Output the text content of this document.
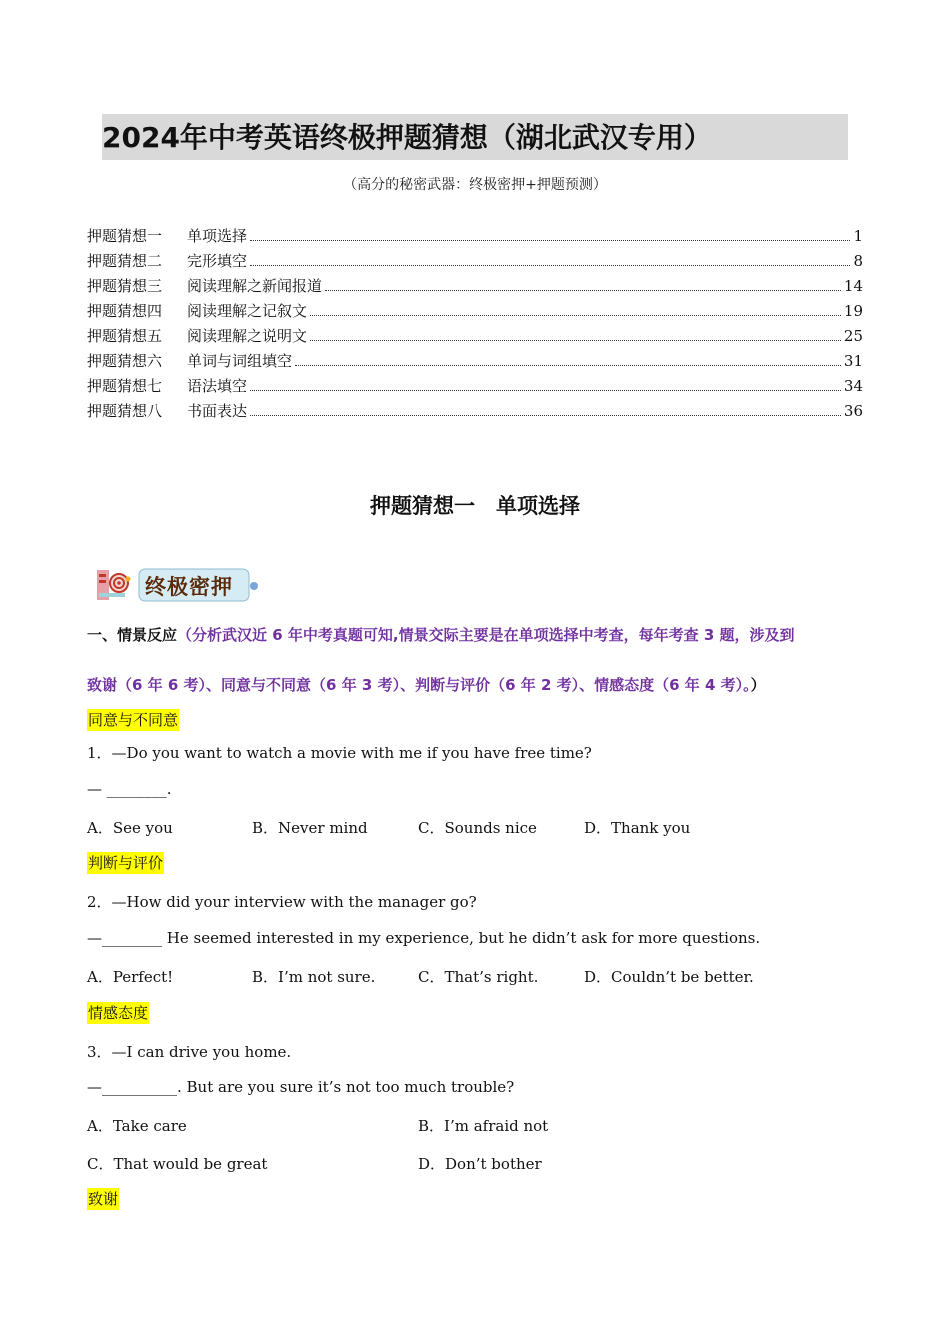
2024年中考英语终极押题猜想（湖北武汉专用）
（高分的秘密武器：终极密押+押题预测）
押题猜想一	单项选择	1
押题猜想二	完形填空	8
押题猜想三	阅读理解之新闻报道	14
押题猜想四	阅读理解之记叙文	19
押题猜想五	阅读理解之说明文	25
押题猜想六	单词与词组填空	31
押题猜想七	语法填空	34
押题猜想八	书面表达	36
押题猜想一　单项选择
终极密押
一、情景反应（分析武汉近 6 年中考真题可知,情景交际主要是在单项选择中考查，每年考查 3 题，涉及到
致谢（6 年 6 考）、同意与不同意（6 年 3 考）、判断与评价（6 年 2 考）、情感态度（6 年 4 考）。）
同意与不同意
1．—Do you want to watch a movie with me if you have free time?
— ________.
A．See you	B．Never mind	C．Sounds nice	D．Thank you
判断与评价
2．—How did your interview with the manager go?
—________ He seemed interested in my experience, but he didn’t ask for more questions.
A．Perfect!	B．I’m not sure.	C．That’s right.	D．Couldn’t be better.
情感态度
3．—I can drive you home.
—__________. But are you sure it’s not too much trouble?
A．Take care	B．I’m afraid not
C．That would be great	D．Don’t bother
致谢
